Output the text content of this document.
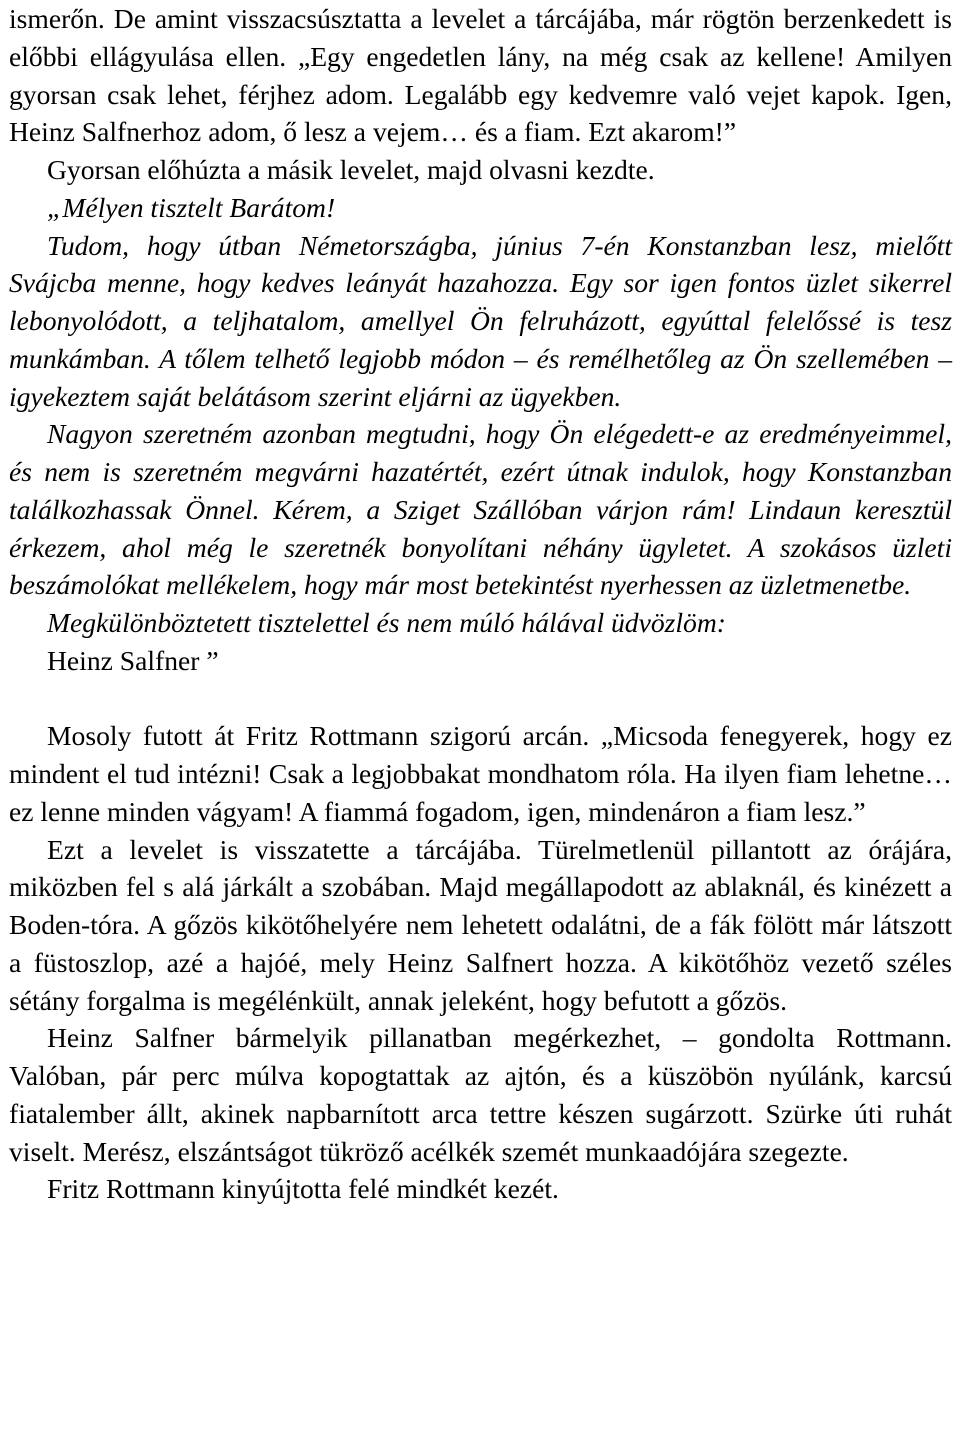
ismerőn. De amint visszacsúsztatta a levelet a tárcájába, már rögtön berzenkedett is előbbi ellágyulása ellen. „Egy engedetlen lány, na még csak az kellene! Amilyen gyorsan csak lehet, férjhez adom. Legalább egy kedvemre való vejet kapok. Igen, Heinz Salfnerhoz adom, ő lesz a vejem… és a fiam. Ezt akarom!”

Gyorsan előhúzta a másik levelet, majd olvasni kezdte.

„Mélyen tisztelt Barátom!

Tudom, hogy útban Németországba, június 7-én Konstanzban lesz, mielőtt Svájcba menne, hogy kedves leányát hazahozza. Egy sor igen fontos üzlet sikerrel lebonyolódott, a teljhatalom, amellyel Ön felruházott, egyúttal felelőssé is tesz munkámban. A tőlem telhető legjobb módon – és remélhetőleg az Ön szellemében – igyekeztem saját belátásom szerint eljárni az ügyekben.

Nagyon szeretném azonban megtudni, hogy Ön elégedett-e az eredményeimmel, és nem is szeretném megvárni hazatértét, ezért útnak indulok, hogy Konstanzban találkozhassak Önnel. Kérem, a Sziget Szállóban várjon rám! Lindaun keresztül érkezem, ahol még le szeretnék bonyolítani néhány ügyletet. A szokásos üzleti beszámolókat mellékelem, hogy már most betekintést nyerhessen az üzletmenetbe.

Megkülönböztetett tisztelettel és nem múló hálával üdvözlöm:

Heinz Salfner ”

Mosoly futott át Fritz Rottmann szigorú arcán. „Micsoda fenegyerek, hogy ez mindent el tud intézni! Csak a legjobbakat mondhatom róla. Ha ilyen fiam lehetne… ez lenne minden vágyam! A fiammá fogadom, igen, mindenáron a fiam lesz.”

Ezt a levelet is visszatette a tárcájába. Türelmetlenül pillantott az órájára, miközben fel s alá járkált a szobában. Majd megállapodott az ablaknál, és kinézett a Boden-tóra. A gőzös kikötőhelyére nem lehetett odalátni, de a fák fölött már látszott a füstoszlop, azé a hajóé, mely Heinz Salfnert hozza. A kikötőhöz vezető széles sétány forgalma is megélénkült, annak jeleként, hogy befutott a gőzös.

Heinz Salfner bármelyik pillanatban megérkezhet, – gondolta Rottmann. Valóban, pár perc múlva kopogtattak az ajtón, és a küszöbön nyúlánk, karcsú fiatalember állt, akinek napbarnított arca tettre készen sugárzott. Szürke úti ruhát viselt. Merész, elszántságot tükröző acélkék szemét munkaadójára szegezte.

Fritz Rottmann kinyújtotta felé mindkét kezét.
